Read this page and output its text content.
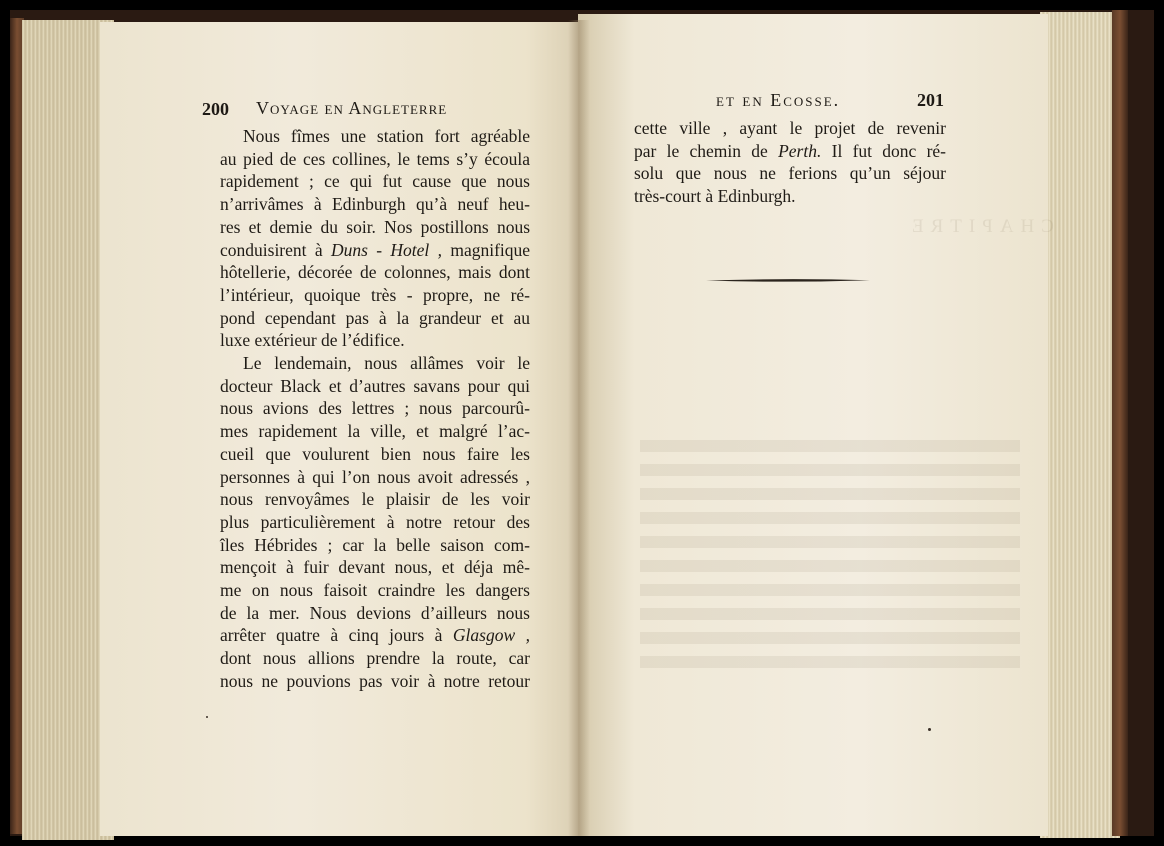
CHAPITRE
200 Voyage en Angleterre
Nous fîmes une station fort agréable
au pied de ces collines, le tems s’y écoula
rapidement ; ce qui fut cause que nous
n’arrivâmes à Edinburgh qu’à neuf heu-
res et demie du soir. Nos postillons nous
conduisirent à Duns - Hotel , magnifique
hôtellerie, décorée de colonnes, mais dont
l’intérieur, quoique très - propre, ne ré-
pond cependant pas à la grandeur et au
luxe extérieur de l’édifice.
Le lendemain, nous allâmes voir le
docteur Black et d’autres savans pour qui
nous avions des lettres ; nous parcourû-
mes rapidement la ville, et malgré l’ac-
cueil que voulurent bien nous faire les
personnes à qui l’on nous avoit adressés ,
nous renvoyâmes le plaisir de les voir
plus particulièrement à notre retour des
îles Hébrides ; car la belle saison com-
mençoit à fuir devant nous, et déja mê-
me on nous faisoit craindre les dangers
de la mer. Nous devions d’ailleurs nous
arrêter quatre à cinq jours à Glasgow ,
dont nous allions prendre la route, car
nous ne pouvions pas voir à notre retour
et en Ecosse.	201
cette ville , ayant le projet de revenir
par le chemin de Perth. Il fut donc ré-
solu que nous ne ferions qu’un séjour
très-court à Edinburgh.
